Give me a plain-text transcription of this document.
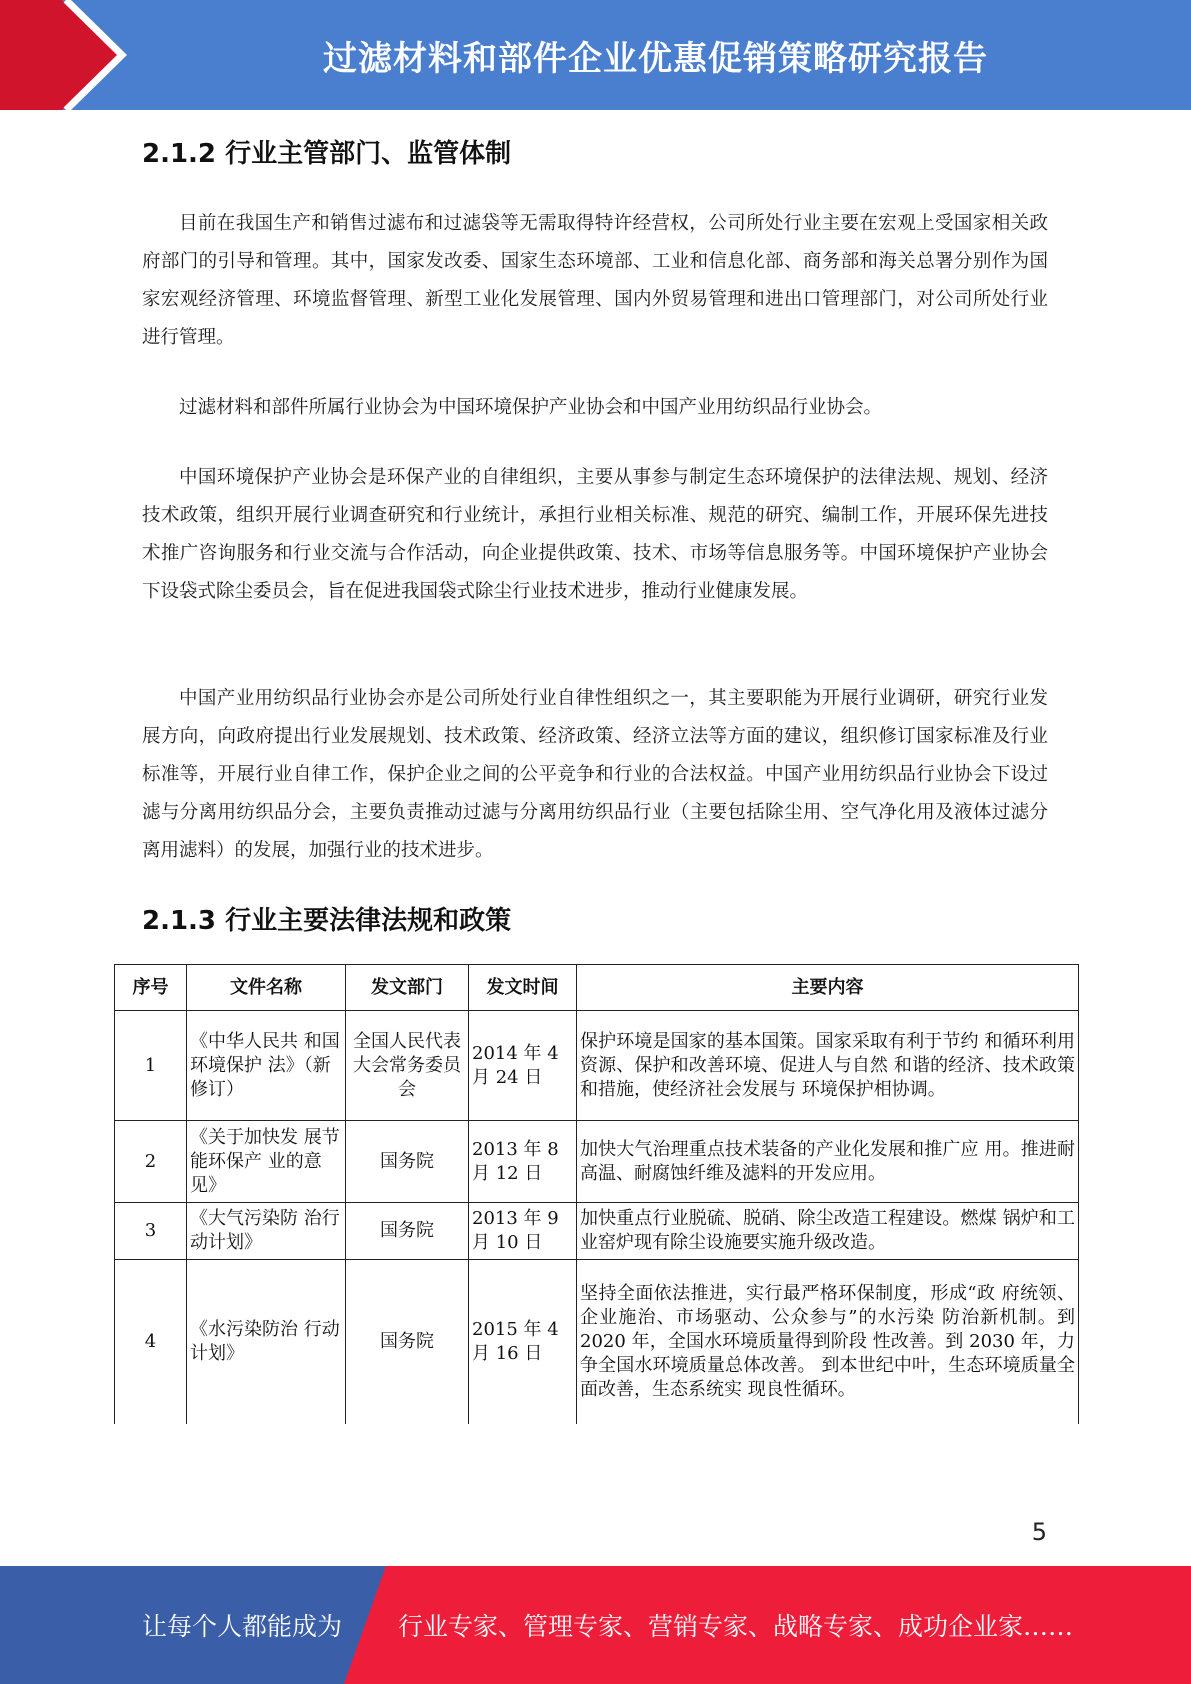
过滤材料和部件企业优惠促销策略研究报告
2.1.2 行业主管部门、监管体制

目前在我国生产和销售过滤布和过滤袋等无需取得特许经营权，公司所处行业主要在宏观上受国家相关政府部门的引导和管理。其中，国家发改委、国家生态环境部、工业和信息化部、商务部和海关总署分别作为国家宏观经济管理、环境监督管理、新型工业化发展管理、国内外贸易管理和进出口管理部门，对公司所处行业进行管理。

过滤材料和部件所属行业协会为中国环境保护产业协会和中国产业用纺织品行业协会。

中国环境保护产业协会是环保产业的自律组织，主要从事参与制定生态环境保护的法律法规、规划、经济技术政策，组织开展行业调查研究和行业统计，承担行业相关标准、规范的研究、编制工作，开展环保先进技术推广咨询服务和行业交流与合作活动，向企业提供政策、技术、市场等信息服务等。中国环境保护产业协会下设袋式除尘委员会，旨在促进我国袋式除尘行业技术进步，推动行业健康发展。

中国产业用纺织品行业协会亦是公司所处行业自律性组织之一，其主要职能为开展行业调研，研究行业发展方向，向政府提出行业发展规划、技术政策、经济政策、经济立法等方面的建议，组织修订国家标准及行业标准等，开展行业自律工作，保护企业之间的公平竞争和行业的合法权益。中国产业用纺织品行业协会下设过滤与分离用纺织品分会，主要负责推动过滤与分离用纺织品行业（主要包括除尘用、空气净化用及液体过滤分离用滤料）的发展，加强行业的技术进步。

2.1.3 行业主要法律法规和政策
序号	文件名称	发文部门	发文时间	主要内容
1	《中华人民共 和国环境保护 法》（新修订）	全国人民代表大会常务委员会	2014 年 4 月 24 日	保护环境是国家的基本国策。国家采取有利于节约 和循环利用资源、保护和改善环境、促进人与自然 和谐的经济、技术政策和措施，使经济社会发展与 环境保护相协调。
2	《关于加快发 展节能环保产 业的意见》	国务院	2013 年 8 月 12 日	加快大气治理重点技术装备的产业化发展和推广应 用。推进耐高温、耐腐蚀纤维及滤料的开发应用。
3	《大气污染防 治行动计划》	国务院	2013 年 9 月 10 日	加快重点行业脱硫、脱硝、除尘改造工程建设。燃煤 锅炉和工业窑炉现有除尘设施要实施升级改造。
4	《水污染防治 行动计划》	国务院	2015 年 4 月 16 日	坚持全面依法推进，实行最严格环保制度，形成“政 府统领、企业施治、市场驱动、公众参与”的水污染 防治新机制。到 2020 年，全国水环境质量得到阶段 性改善。到 2030 年，力争全国水环境质量总体改善。 到本世纪中叶，生态环境质量全面改善，生态系统实 现良性循环。
5
让每个人都能成为 行业专家、管理专家、营销专家、战略专家、成功企业家……
